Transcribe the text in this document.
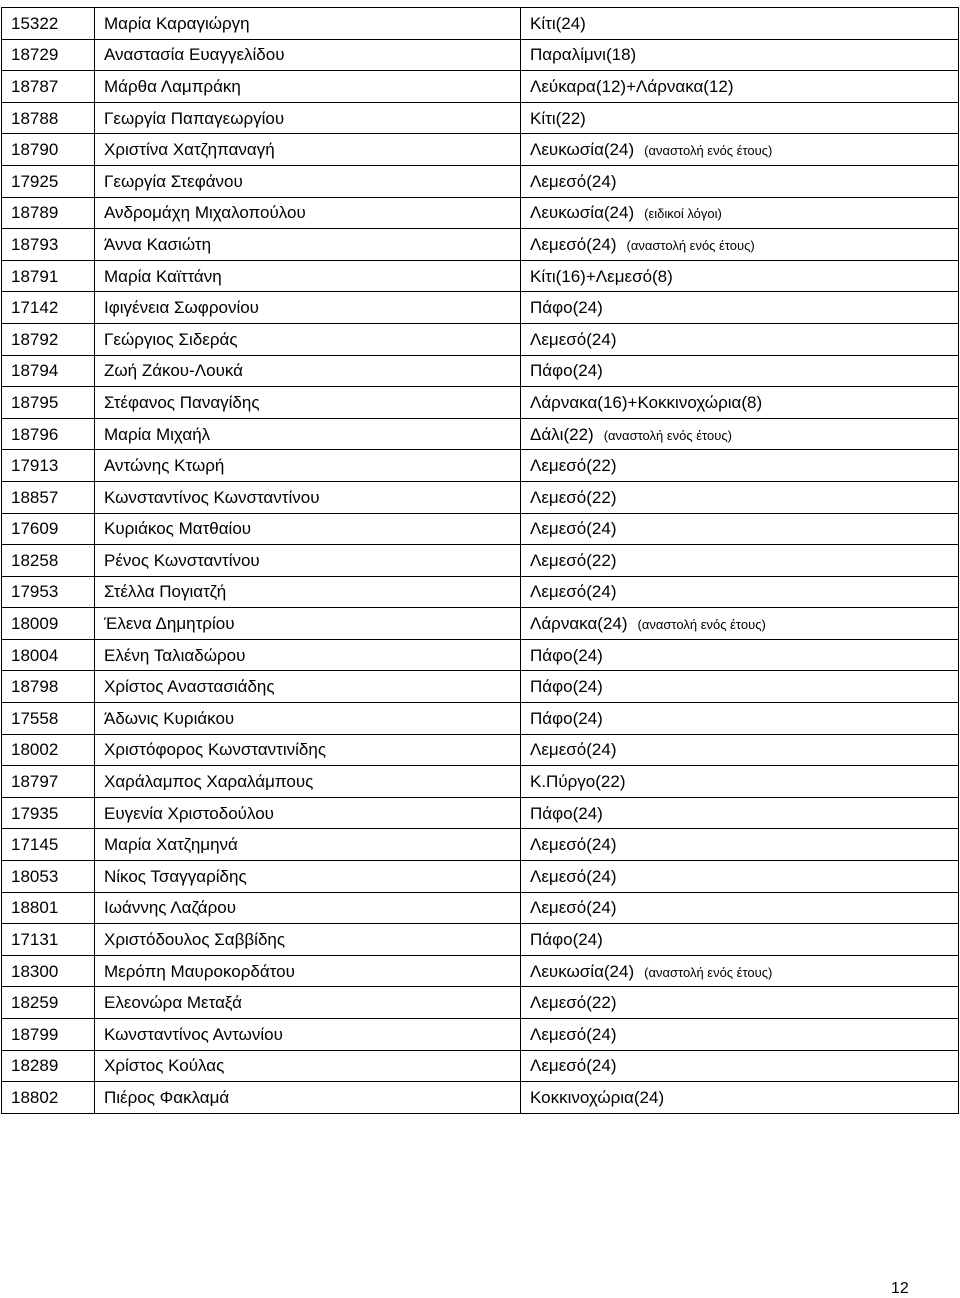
15322	Μαρία Καραγιώργη	Κίτι(24)
18729	Αναστασία Ευαγγελίδου	Παραλίμνι(18)
18787	Μάρθα Λαμπράκη	Λεύκαρα(12)+Λάρνακα(12)
18788	Γεωργία Παπαγεωργίου	Κίτι(22)
18790	Χριστίνα Χατζηπαναγή	Λευκωσία(24) (αναστολή ενός έτους)
17925	Γεωργία Στεφάνου	Λεμεσό(24)
18789	Ανδρομάχη Μιχαλοπούλου	Λευκωσία(24) (ειδικοί λόγοι)
18793	Άννα Κασιώτη	Λεμεσό(24) (αναστολή ενός έτους)
18791	Μαρία Καϊττάνη	Κίτι(16)+Λεμεσό(8)
17142	Ιφιγένεια Σωφρονίου	Πάφο(24)
18792	Γεώργιος Σιδεράς	Λεμεσό(24)
18794	Ζωή Ζάκου-Λουκά	Πάφο(24)
18795	Στέφανος Παναγίδης	Λάρνακα(16)+Κοκκινοχώρια(8)
18796	Μαρία Μιχαήλ	Δάλι(22) (αναστολή ενός έτους)
17913	Αντώνης Κτωρή	Λεμεσό(22)
18857	Κωνσταντίνος Κωνσταντίνου	Λεμεσό(22)
17609	Κυριάκος Ματθαίου	Λεμεσό(24)
18258	Ρένος Κωνσταντίνου	Λεμεσό(22)
17953	Στέλλα Πογιατζή	Λεμεσό(24)
18009	Έλενα Δημητρίου	Λάρνακα(24) (αναστολή ενός έτους)
18004	Ελένη Ταλιαδώρου	Πάφο(24)
18798	Χρίστος Αναστασιάδης	Πάφο(24)
17558	Άδωνις Κυριάκου	Πάφο(24)
18002	Χριστόφορος Κωνσταντινίδης	Λεμεσό(24)
18797	Χαράλαμπος Χαραλάμπους	Κ.Πύργο(22)
17935	Ευγενία Χριστοδούλου	Πάφο(24)
17145	Μαρία Χατζημηνά	Λεμεσό(24)
18053	Νίκος Τσαγγαρίδης	Λεμεσό(24)
18801	Ιωάννης Λαζάρου	Λεμεσό(24)
17131	Χριστόδουλος Σαββίδης	Πάφο(24)
18300	Μερόπη Μαυροκορδάτου	Λευκωσία(24) (αναστολή ενός έτους)
18259	Ελεονώρα Μεταξά	Λεμεσό(22)
18799	Κωνσταντίνος Αντωνίου	Λεμεσό(24)
18289	Χρίστος Κούλας	Λεμεσό(24)
18802	Πιέρος Φακλαμά	Κοκκινοχώρια(24)
12
